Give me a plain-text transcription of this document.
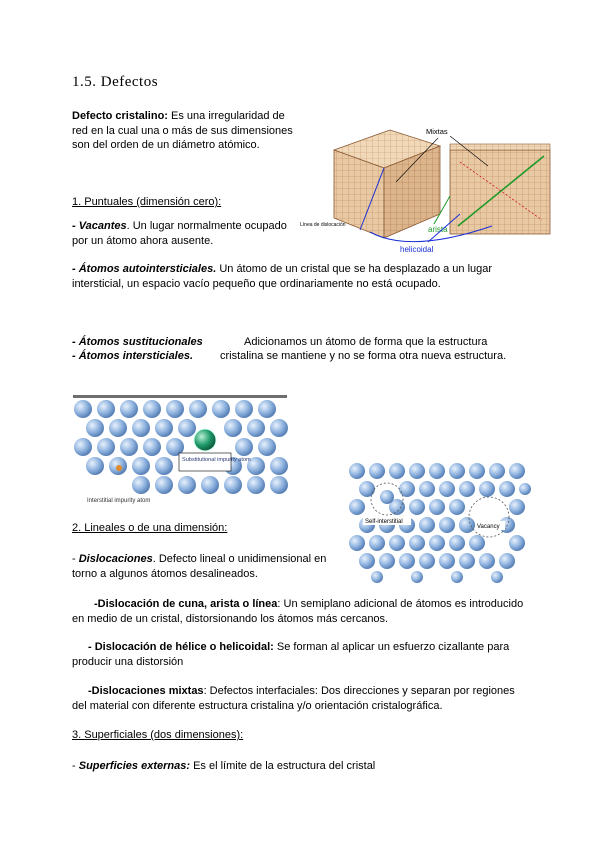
1.5. Defectos
Defecto cristalino: Es una irregularidad de red en la cual una o más de sus dimensiones son del orden de un diámetro atómico.
Mixtas
Línea de dislocación	arista
helicoidal
1. Puntuales (dimensión cero):
- Vacantes. Un lugar normalmente ocupado por un átomo ahora ausente.
- Átomos autointersticiales. Un átomo de un cristal que se ha desplazado a un lugar intersticial, un espacio vacío pequeño que ordinariamente no está ocupado.
- Átomos sustitucionales	Adicionamos un átomo de forma que la estructura
- Átomos intersticiales. cristalina se mantiene y no se forma otra nueva estructura.
Substitutional impurity atom
Interstitial impurity atom
Self-interstitial
Vacancy
2. Lineales o de una dimensión:
- Dislocaciones. Defecto lineal o unidimensional en torno a algunos átomos desalineados.
-Dislocación de cuna, arista o línea: Un semiplano adicional de átomos es introducido en medio de un cristal, distorsionando los átomos más cercanos.
- Dislocación de hélice o helicoidal: Se forman al aplicar un esfuerzo cizallante para producir una distorsión
-Dislocaciones mixtas: Defectos interfaciales: Dos direcciones y separan por regiones del material con diferente estructura cristalina y/o orientación cristalográfica.
3. Superficiales (dos dimensiones):
- Superficies externas: Es el límite de la estructura del cristal
